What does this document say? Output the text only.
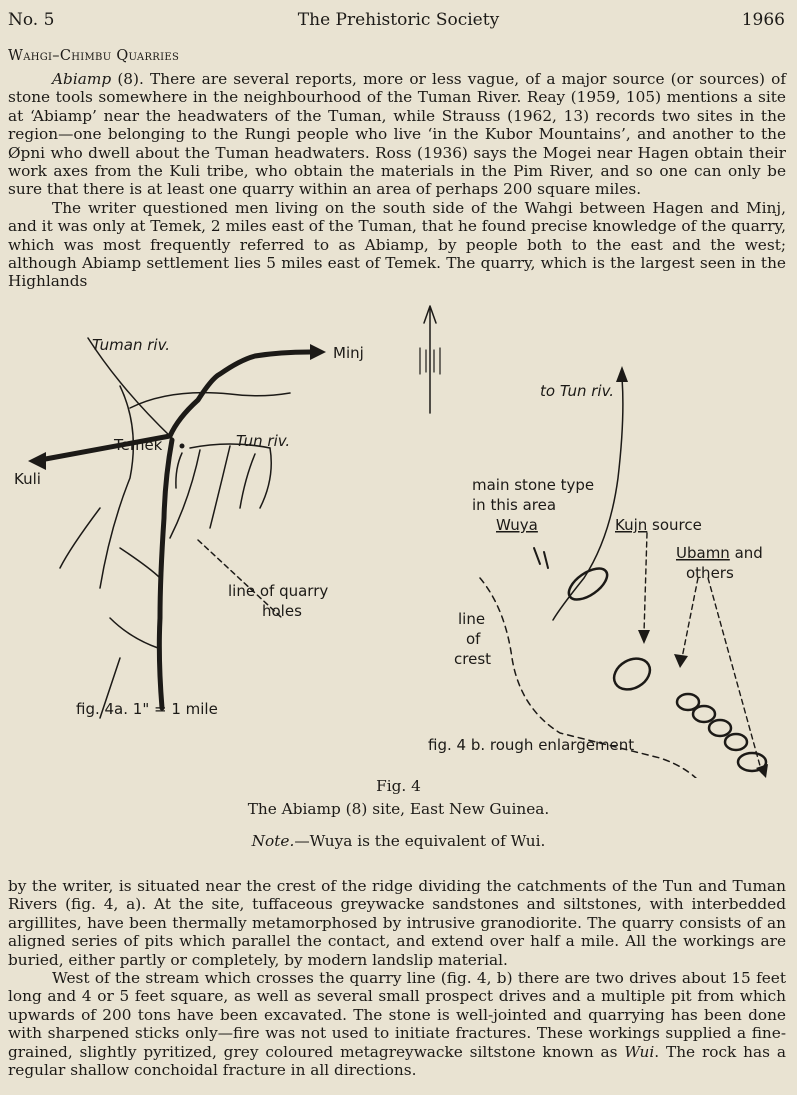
No. 5	The Prehistoric Society	1966
Wahgi–Chimbu Quarries

Abiamp (8). There are several reports, more or less vague, of a major source (or sources) of stone tools somewhere in the neighbourhood of the Tuman River. Reay (1959, 105) mentions a site at ‘Abiamp’ near the headwaters of the Tuman, while Strauss (1962, 13) records two sites in the region—one belonging to the Rungi people who live ‘in the Kubor Mountains’, and another to the Øpni who dwell about the Tuman headwaters. Ross (1936) says the Mogei near Hagen obtain their work axes from the Kuli tribe, who obtain the materials in the Pim River, and so one can only be sure that there is at least one quarry within an area of perhaps 200 square miles.

The writer questioned men living on the south side of the Wahgi between Hagen and Minj, and it was only at Temek, 2 miles east of the Tuman, that he found precise knowledge of the quarry, which was most frequently referred to as Abiamp, by people both to the east and the west; although Abiamp settlement lies 5 miles east of Temek. The quarry, which is the largest seen in the Highlands

Tuman riv.	Minj
Temek	Tun riv.
Kuli
line of quarry
holes
fig. 4a. 1" = 1 mile
to Tun riv.
main stone type
in this area
Wuya	Kujn source
Ubamn and
others
line
of
crest
fig. 4 b. rough enlargement
Fig. 4
The Abiamp (8) site, East New Guinea.
Note.—Wuya is the equivalent of Wui.

by the writer, is situated near the crest of the ridge dividing the catchments of the Tun and Tuman Rivers (fig. 4, a). At the site, tuffaceous greywacke sandstones and siltstones, with interbedded argillites, have been thermally metamorphosed by intrusive granodiorite. The quarry consists of an aligned series of pits which parallel the contact, and extend over half a mile. All the workings are buried, either partly or completely, by modern landslip material.

West of the stream which crosses the quarry line (fig. 4, b) there are two drives about 15 feet long and 4 or 5 feet square, as well as several small prospect drives and a multiple pit from which upwards of 200 tons have been excavated. The stone is well-jointed and quarrying has been done with sharpened sticks only—fire was not used to initiate fractures. These workings supplied a fine-grained, slightly pyritized, grey coloured metagreywacke siltstone known as Wui. The rock has a regular shallow conchoidal fracture in all directions.
